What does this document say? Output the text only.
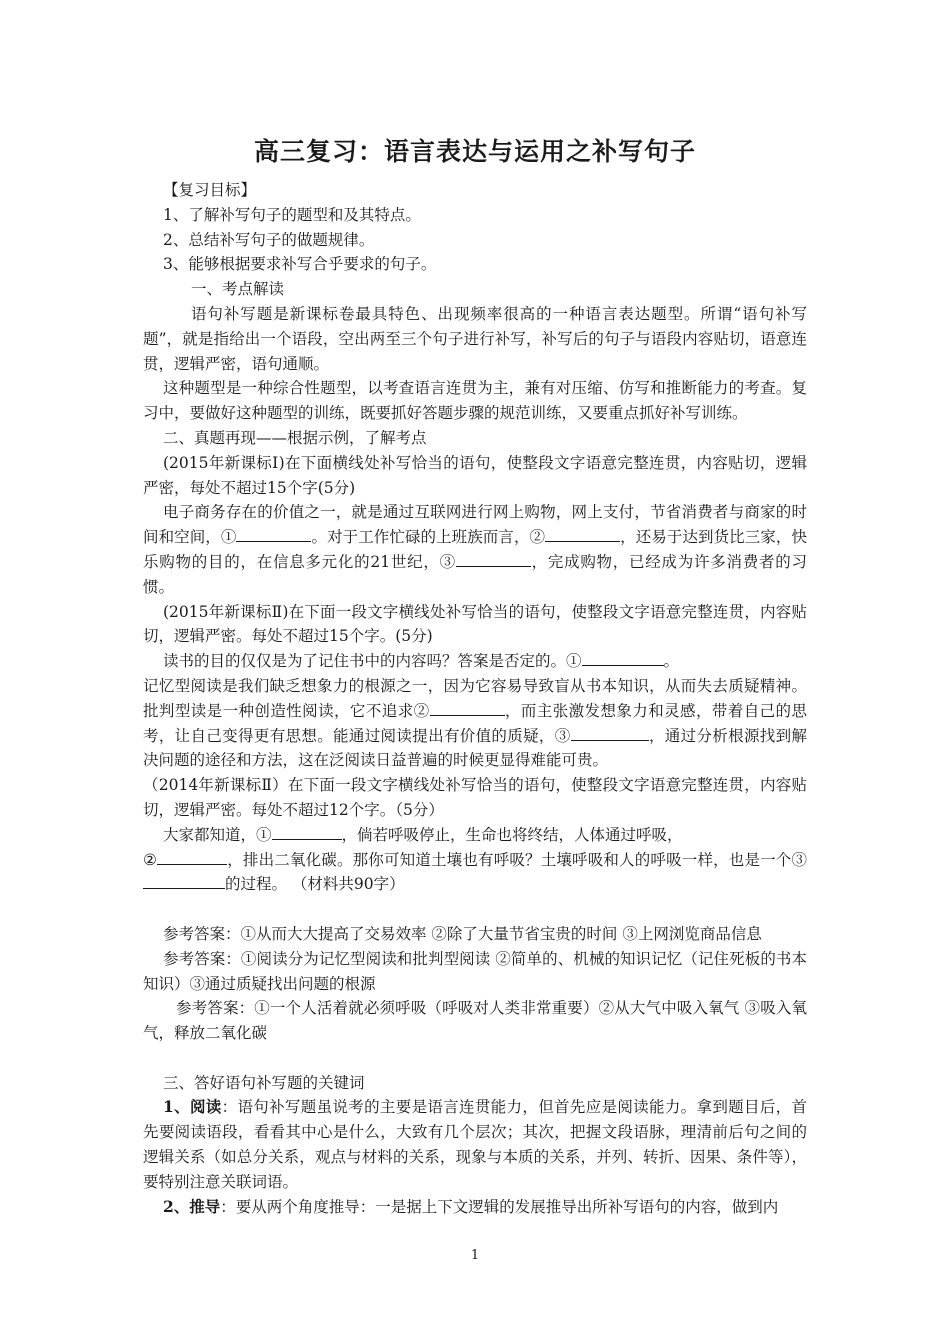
高三复习：语言表达与运用之补写句子

【复习目标】

1、了解补写句子的题型和及其特点。

2、总结补写句子的做题规律。

3、能够根据要求补写合乎要求的句子。

一、考点解读

语句补写题是新课标卷最具特色、出现频率很高的一种语言表达题型。所谓“语句补写题”，就是指给出一个语段，空出两至三个句子进行补写，补写后的句子与语段内容贴切，语意连贯，逻辑严密，语句通顺。

这种题型是一种综合性题型，以考查语言连贯为主，兼有对压缩、仿写和推断能力的考查。复习中，要做好这种题型的训练，既要抓好答题步骤的规范训练，又要重点抓好补写训练。

二、真题再现——根据示例，了解考点

(2015年新课标Ⅰ)在下面横线处补写恰当的语句，使整段文字语意完整连贯，内容贴切，逻辑严密，每处不超过15个字(5分)

电子商务存在的价值之一，就是通过互联网进行网上购物，网上支付，节省消费者与商家的时间和空间，①	。对于工作忙碌的上班族而言，②	，还易于达到货比三家，快乐购物的目的，在信息多元化的21世纪，③	，完成购物，已经成为许多消费者的习惯。

(2015年新课标Ⅱ)在下面一段文字横线处补写恰当的语句，使整段文字语意完整连贯，内容贴切，逻辑严密。每处不超过15个字。(5分)

读书的目的仅仅是为了记住书中的内容吗？答案是否定的。①	。

记忆型阅读是我们缺乏想象力的根源之一，因为它容易导致盲从书本知识，从而失去质疑精神。批判型读是一种创造性阅读，它不追求②	，而主张激发想象力和灵感，带着自己的思考，让自己变得更有思想。能通过阅读提出有价值的质疑，③	，通过分析根源找到解决问题的途径和方法，这在泛阅读日益普遍的时候更显得难能可贵。

（2014年新课标Ⅱ）在下面一段文字横线处补写恰当的语句，使整段文字语意完整连贯，内容贴切，逻辑严密。每处不超过12个字。（5分）

大家都知道，①	，倘若呼吸停止，生命也将终结，人体通过呼吸，

②	，排出二氧化碳。那你可知道土壤也有呼吸？土壤呼吸和人的呼吸一样，也是一个③的过程。 （材料共90字）

参考答案：①从而大大提高了交易效率 ②除了大量节省宝贵的时间 ③上网浏览商品信息

参考答案：①阅读分为记忆型阅读和批判型阅读 ②简单的、机械的知识记忆（记住死板的书本知识）③通过质疑找出问题的根源

参考答案：①一个人活着就必须呼吸（呼吸对人类非常重要）②从大气中吸入氧气 ③吸入氧气，释放二氧化碳

三、答好语句补写题的关键词

1、阅读：语句补写题虽说考的主要是语言连贯能力，但首先应是阅读能力。拿到题目后，首先要阅读语段，看看其中心是什么，大致有几个层次；其次，把握文段语脉，理清前后句之间的逻辑关系（如总分关系，观点与材料的关系，现象与本质的关系，并列、转折、因果、条件等），要特别注意关联词语。

2、推导：要从两个角度推导：一是据上下文逻辑的发展推导出所补写语句的内容，做到内

1
